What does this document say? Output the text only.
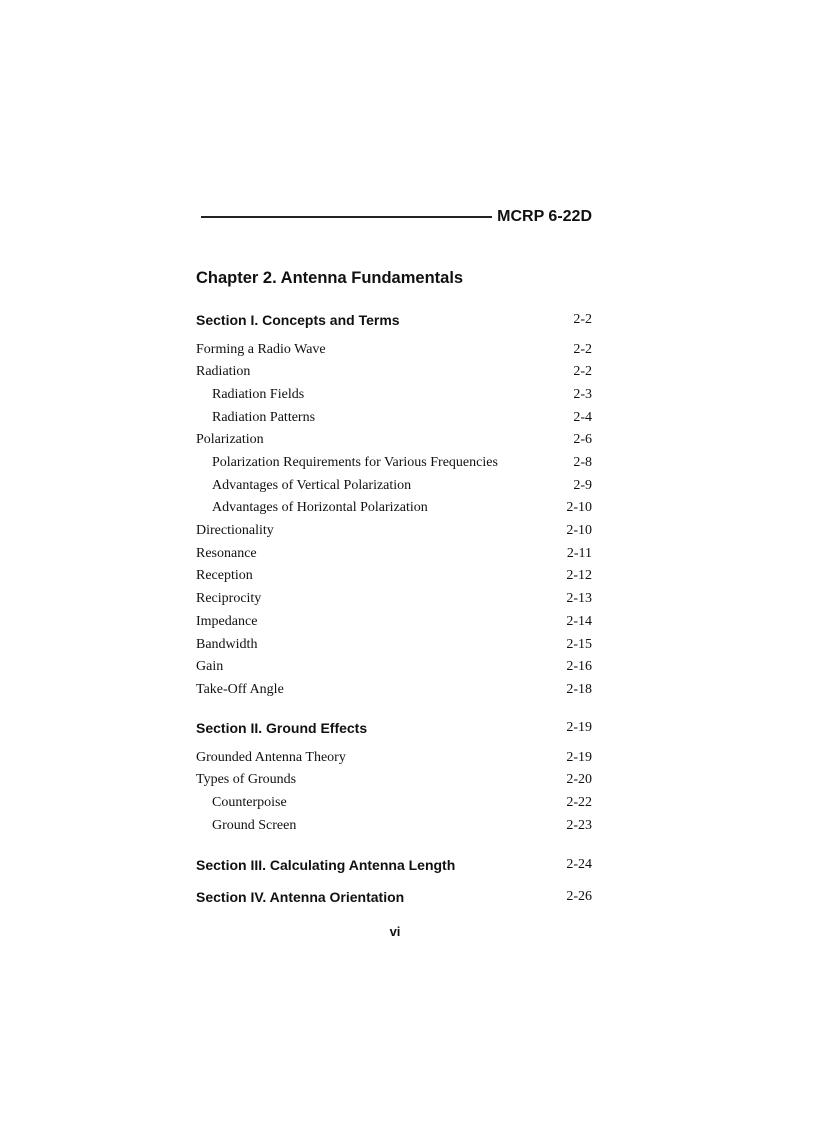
MCRP 6-22D
Chapter 2. Antenna Fundamentals
Section I. Concepts and Terms	2-2
Forming a Radio Wave	2-2
Radiation	2-2
Radiation Fields	2-3
Radiation Patterns	2-4
Polarization	2-6
Polarization Requirements for Various Frequencies	2-8
Advantages of Vertical Polarization	2-9
Advantages of Horizontal Polarization	2-10
Directionality	2-10
Resonance	2-11
Reception	2-12
Reciprocity	2-13
Impedance	2-14
Bandwidth	2-15
Gain	2-16
Take-Off Angle	2-18
Section II. Ground Effects	2-19
Grounded Antenna Theory	2-19
Types of Grounds	2-20
Counterpoise	2-22
Ground Screen	2-23
Section III. Calculating Antenna Length	2-24
Section IV. Antenna Orientation	2-26
vi
